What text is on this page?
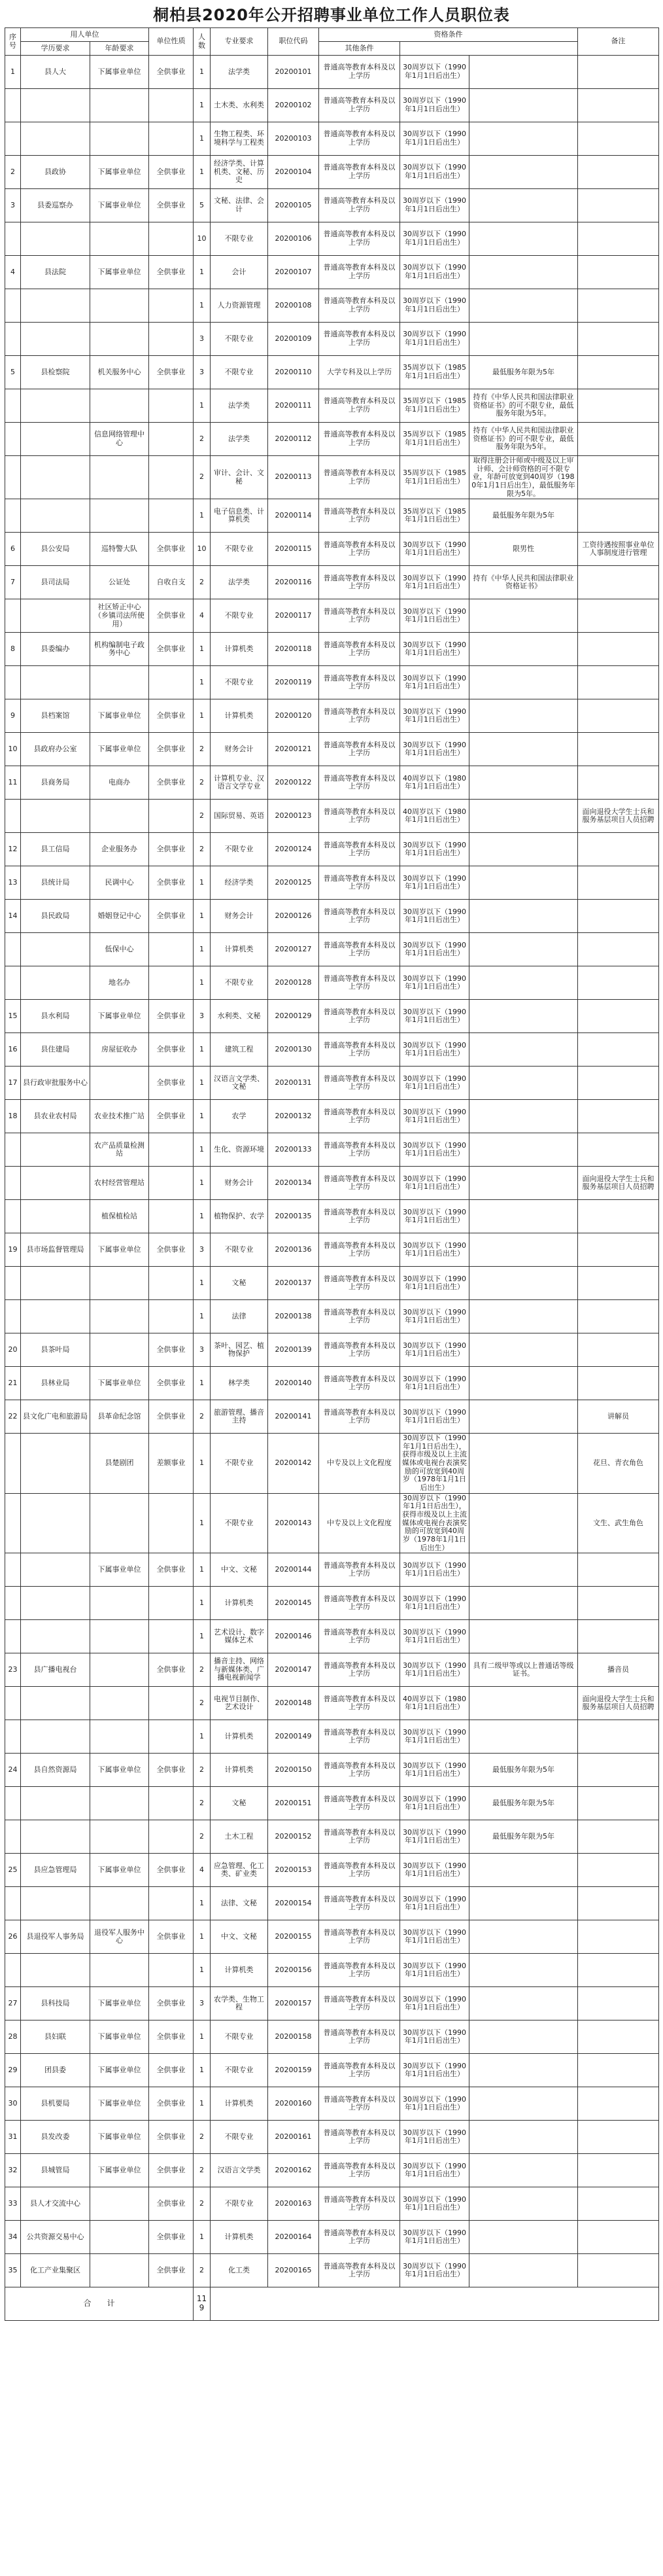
桐柏县2020年公开招聘事业单位工作人员职位表
序号	用人单位		单位性质	人数	专业要求	职位代码	资格条件			备注
	学历要求	年龄要求					其他条件			
1	县人大	下属事业单位	全供事业	1	法学类	20200101	普通高等教育本科及以上学历	30周岁以下（1990年1月1日后出生）		
				1	土木类、水利类	20200102	普通高等教育本科及以上学历	30周岁以下（1990年1月1日后出生）		
				1	生物工程类、环境科学与工程类	20200103	普通高等教育本科及以上学历	30周岁以下（1990年1月1日后出生）		
2	县政协	下属事业单位	全供事业	1	经济学类、计算机类、文秘、历史	20200104	普通高等教育本科及以上学历	30周岁以下（1990年1月1日后出生）		
3	县委巡察办	下属事业单位	全供事业	5	文秘、法律、会计	20200105	普通高等教育本科及以上学历	30周岁以下（1990年1月1日后出生）		
				10	不限专业	20200106	普通高等教育本科及以上学历	30周岁以下（1990年1月1日后出生）		
4	县法院	下属事业单位	全供事业	1	会计	20200107	普通高等教育本科及以上学历	30周岁以下（1990年1月1日后出生）		
				1	人力资源管理	20200108	普通高等教育本科及以上学历	30周岁以下（1990年1月1日后出生）		
				3	不限专业	20200109	普通高等教育本科及以上学历	30周岁以下（1990年1月1日后出生）		
5	县检察院	机关服务中心	全供事业	3	不限专业	20200110	大学专科及以上学历	35周岁以下（1985年1月1日后出生）	最低服务年限为5年	
				1	法学类	20200111	普通高等教育本科及以上学历	35周岁以下（1985年1月1日后出生）	持有《中华人民共和国法律职业资格证书》的可不限专业，最低服务年限为5年。	
		信息网络管理中心		2	法学类	20200112	普通高等教育本科及以上学历	35周岁以下（1985年1月1日后出生）	持有《中华人民共和国法律职业资格证书》的可不限专业，最低服务年限为5年。	
				2	审计、会计、文秘	20200113	普通高等教育本科及以上学历	35周岁以下（1985年1月1日后出生）	取得注册会计师或中级及以上审计师、会计师资格的可不限专业，年龄可放宽到40周岁（1980年1月1日后出生），最低服务年限为5年。	
				1	电子信息类、计算机类	20200114	普通高等教育本科及以上学历	35周岁以下（1985年1月1日后出生）	最低服务年限为5年	
6	县公安局	巡特警大队	全供事业	10	不限专业	20200115	普通高等教育本科及以上学历	30周岁以下（1990年1月1日后出生）	限男性	工资待遇按照事业单位人事制度进行管理
7	县司法局	公证处	自收自支	2	法学类	20200116	普通高等教育本科及以上学历	30周岁以下（1990年1月1日后出生）	持有《中华人民共和国法律职业资格证书》	
		社区矫正中心（乡镇司法所使用）	全供事业	4	不限专业	20200117	普通高等教育本科及以上学历	30周岁以下（1990年1月1日后出生）		
8	县委编办	机构编制电子政务中心	全供事业	1	计算机类	20200118	普通高等教育本科及以上学历	30周岁以下（1990年1月1日后出生）		
				1	不限专业	20200119	普通高等教育本科及以上学历	30周岁以下（1990年1月1日后出生）		
9	县档案馆	下属事业单位	全供事业	1	计算机类	20200120	普通高等教育本科及以上学历	30周岁以下（1990年1月1日后出生）		
10	县政府办公室	下属事业单位	全供事业	2	财务会计	20200121	普通高等教育本科及以上学历	30周岁以下（1990年1月1日后出生）		
11	县商务局	电商办	全供事业	2	计算机专业、汉语言文学专业	20200122	普通高等教育本科及以上学历	40周岁以下（1980年1月1日后出生）		
				2	国际贸易、英语	20200123	普通高等教育本科及以上学历	40周岁以下（1980年1月1日后出生）		面向退役大学生士兵和服务基层项目人员招聘
12	县工信局	企业服务办	全供事业	2	不限专业	20200124	普通高等教育本科及以上学历	30周岁以下（1990年1月1日后出生）		
13	县统计局	民调中心	全供事业	1	经济学类	20200125	普通高等教育本科及以上学历	30周岁以下（1990年1月1日后出生）		
14	县民政局	婚姻登记中心	全供事业	1	财务会计	20200126	普通高等教育本科及以上学历	30周岁以下（1990年1月1日后出生）		
		低保中心		1	计算机类	20200127	普通高等教育本科及以上学历	30周岁以下（1990年1月1日后出生）		
		地名办		1	不限专业	20200128	普通高等教育本科及以上学历	30周岁以下（1990年1月1日后出生）		
15	县水利局	下属事业单位	全供事业	3	水利类、文秘	20200129	普通高等教育本科及以上学历	30周岁以下（1990年1月1日后出生）		
16	县住建局	房屋征收办	全供事业	1	建筑工程	20200130	普通高等教育本科及以上学历	30周岁以下（1990年1月1日后出生）		
17	县行政审批服务中心		全供事业	1	汉语言文学类、文秘	20200131	普通高等教育本科及以上学历	30周岁以下（1990年1月1日后出生）		
18	县农业农村局	农业技术推广站	全供事业	1	农学	20200132	普通高等教育本科及以上学历	30周岁以下（1990年1月1日后出生）		
		农产品质量检测站		1	生化、资源环境	20200133	普通高等教育本科及以上学历	30周岁以下（1990年1月1日后出生）		
		农村经营管理站		1	财务会计	20200134	普通高等教育本科及以上学历	30周岁以下（1990年1月1日后出生）		面向退役大学生士兵和服务基层项目人员招聘
		植保植检站		1	植物保护、农学	20200135	普通高等教育本科及以上学历	30周岁以下（1990年1月1日后出生）		
19	县市场监督管理局	下属事业单位	全供事业	3	不限专业	20200136	普通高等教育本科及以上学历	30周岁以下（1990年1月1日后出生）		
				1	文秘	20200137	普通高等教育本科及以上学历	30周岁以下（1990年1月1日后出生）		
				1	法律	20200138	普通高等教育本科及以上学历	30周岁以下（1990年1月1日后出生）		
20	县茶叶局		全供事业	3	茶叶、园艺、植物保护	20200139	普通高等教育本科及以上学历	30周岁以下（1990年1月1日后出生）		
21	县林业局	下属事业单位	全供事业	1	林学类	20200140	普通高等教育本科及以上学历	30周岁以下（1990年1月1日后出生）		
22	县文化广电和旅游局	县革命纪念馆	全供事业	2	旅游管理、播音主持	20200141	普通高等教育本科及以上学历	30周岁以下（1990年1月1日后出生）		讲解员
		县楚剧团	差额事业	1	不限专业	20200142	中专及以上文化程度	30周岁以下（1990年1月1日后出生），获得市级及以上主流媒体或电视台表演奖励的可放宽到40周岁（1978年1月1日后出生）		花旦、青衣角色
				1	不限专业	20200143	中专及以上文化程度	30周岁以下（1990年1月1日后出生），获得市级及以上主流媒体或电视台表演奖励的可放宽到40周岁（1978年1月1日后出生）		文生、武生角色
		下属事业单位	全供事业	1	中文、文秘	20200144	普通高等教育本科及以上学历	30周岁以下（1990年1月1日后出生）		
				1	计算机类	20200145	普通高等教育本科及以上学历	30周岁以下（1990年1月1日后出生）		
				1	艺术设计、数字媒体艺术	20200146	普通高等教育本科及以上学历	30周岁以下（1990年1月1日后出生）		
23	县广播电视台		全供事业	2	播音主持、网络与新媒体类、广播电视新闻学	20200147	普通高等教育本科及以上学历	30周岁以下（1990年1月1日后出生）	具有二级甲等或以上普通话等级证书。	播音员
				2	电视节目制作、艺术设计	20200148	普通高等教育本科及以上学历	40周岁以下（1980年1月1日后出生）		面向退役大学生士兵和服务基层项目人员招聘
				1	计算机类	20200149	普通高等教育本科及以上学历	30周岁以下（1990年1月1日后出生）		
24	县自然资源局	下属事业单位	全供事业	2	计算机类	20200150	普通高等教育本科及以上学历	30周岁以下（1990年1月1日后出生）	最低服务年限为5年	
				2	文秘	20200151	普通高等教育本科及以上学历	30周岁以下（1990年1月1日后出生）	最低服务年限为5年	
				2	土木工程	20200152	普通高等教育本科及以上学历	30周岁以下（1990年1月1日后出生）	最低服务年限为5年	
25	县应急管理局	下属事业单位	全供事业	4	应急管理、化工类、矿业类	20200153	普通高等教育本科及以上学历	30周岁以下（1990年1月1日后出生）		
				1	法律、文秘	20200154	普通高等教育本科及以上学历	30周岁以下（1990年1月1日后出生）		
26	县退役军人事务局	退役军人服务中心	全供事业	1	中文、文秘	20200155	普通高等教育本科及以上学历	30周岁以下（1990年1月1日后出生）		
				1	计算机类	20200156	普通高等教育本科及以上学历	30周岁以下（1990年1月1日后出生）		
27	县科技局	下属事业单位	全供事业	3	农学类、生物工程	20200157	普通高等教育本科及以上学历	30周岁以下（1990年1月1日后出生）		
28	县妇联	下属事业单位	全供事业	1	不限专业	20200158	普通高等教育本科及以上学历	30周岁以下（1990年1月1日后出生）		
29	团县委	下属事业单位	全供事业	1	不限专业	20200159	普通高等教育本科及以上学历	30周岁以下（1990年1月1日后出生）		
30	县机要局	下属事业单位	全供事业	1	计算机类	20200160	普通高等教育本科及以上学历	30周岁以下（1990年1月1日后出生）		
31	县发改委	下属事业单位	全供事业	2	不限专业	20200161	普通高等教育本科及以上学历	30周岁以下（1990年1月1日后出生）		
32	县城管局	下属事业单位	全供事业	2	汉语言文学类	20200162	普通高等教育本科及以上学历	30周岁以下（1990年1月1日后出生）		
33	县人才交流中心		全供事业	2	不限专业	20200163	普通高等教育本科及以上学历	30周岁以下（1990年1月1日后出生）		
34	公共资源交易中心		全供事业	1	计算机类	20200164	普通高等教育本科及以上学历	30周岁以下（1990年1月1日后出生）		
35	化工产业集聚区		全供事业	2	化工类	20200165	普通高等教育本科及以上学历	30周岁以下（1990年1月1日后出生）		
合　　计				119						
